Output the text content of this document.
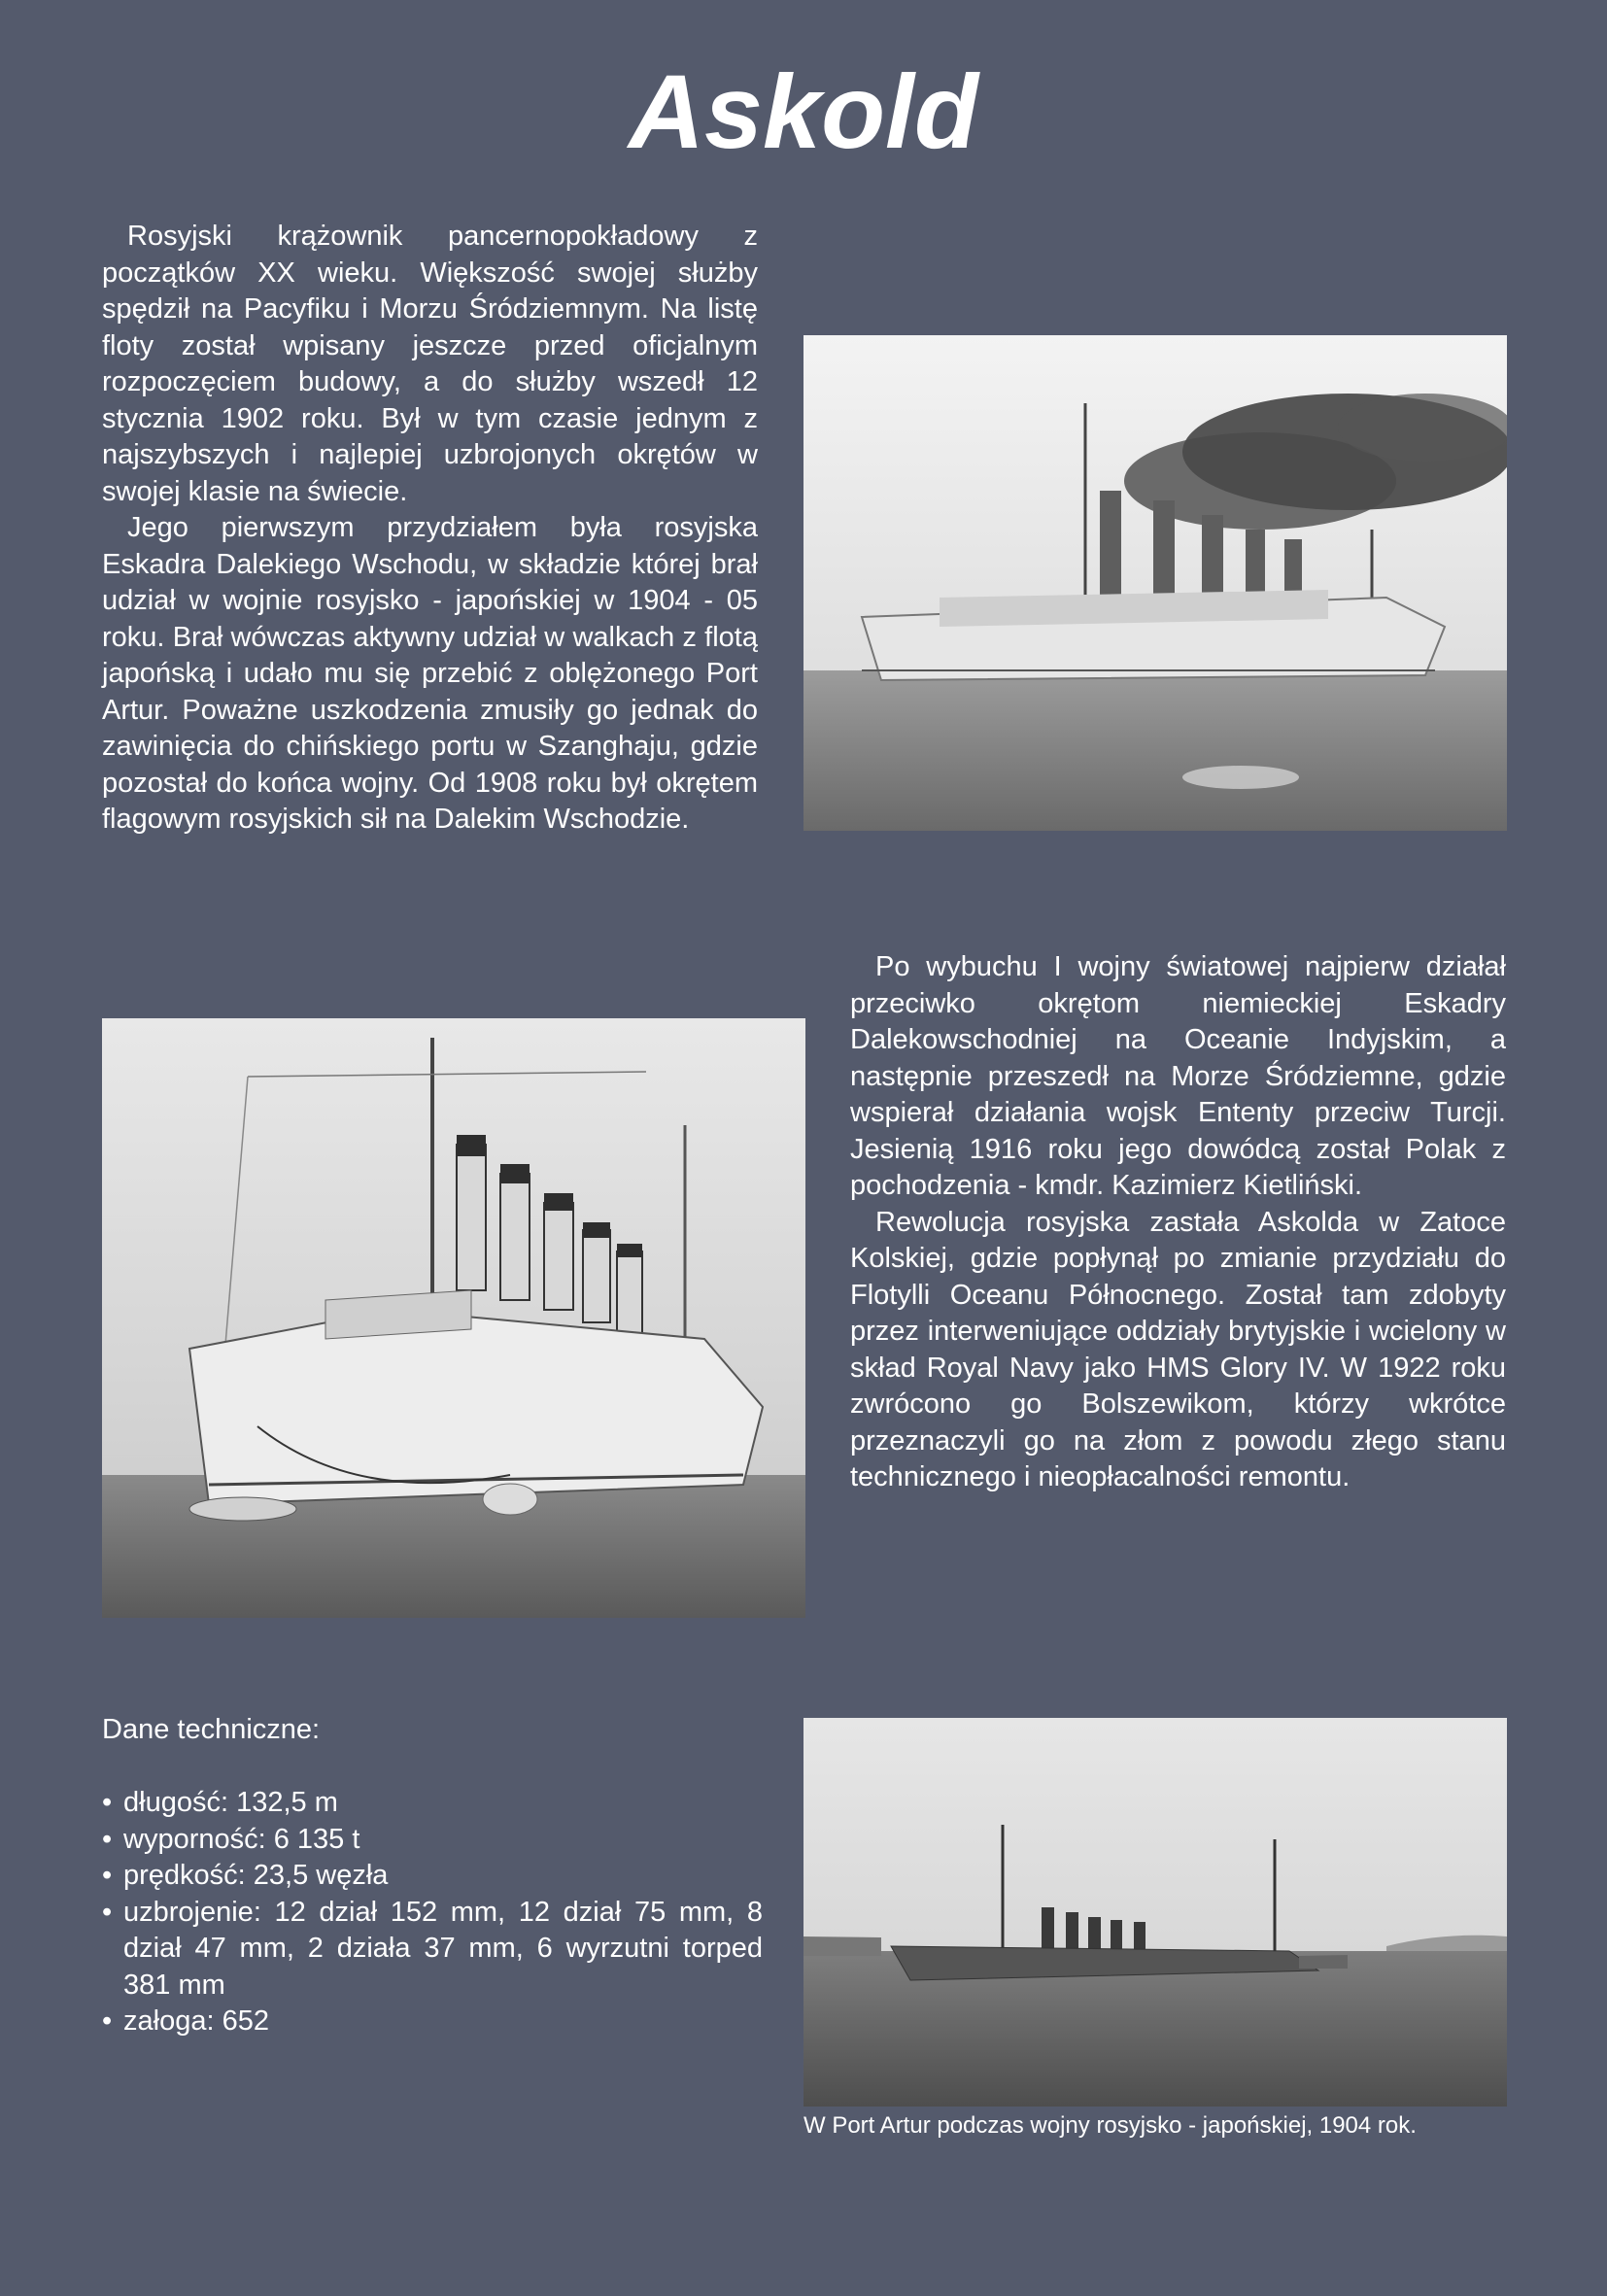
Askold

Rosyjski krążownik pancernopokładowy z początków XX wieku. Większość swojej służby spędził na Pacyfiku i Morzu Śródziemnym. Na listę floty został wpisany jeszcze przed oficjalnym rozpoczęciem budowy, a do służby wszedł 12 stycznia 1902 roku. Był w tym czasie jednym z najszybszych i najlepiej uzbrojonych okrętów w swojej klasie na świecie.

Jego pierwszym przydziałem była rosyjska Eskadra Dalekiego Wschodu, w składzie której brał udział w wojnie rosyjsko - japońskiej w 1904 - 05 roku. Brał wówczas aktywny udział w walkach z flotą japońską i udało mu się przebić z oblężonego Port Artur. Poważne uszkodzenia zmusiły go jednak do zawinięcia do chińskiego portu w Szanghaju, gdzie pozostał do końca wojny. Od 1908 roku był okrętem flagowym rosyjskich sił na Dalekim Wschodzie.

Po wybuchu I wojny światowej najpierw działał przeciwko okrętom niemieckiej Eskadry Dalekowschodniej na Oceanie Indyjskim, a następnie przeszedł na Morze Śródziemne, gdzie wspierał działania wojsk Ententy przeciw Turcji. Jesienią 1916 roku jego dowódcą został Polak z pochodzenia - kmdr. Kazimierz Kietliński.

Rewolucja rosyjska zastała Askolda w Zatoce Kolskiej, gdzie popłynął po zmianie przydziału do Flotylli Oceanu Północnego. Został tam zdobyty przez interweniujące oddziały brytyjskie i wcielony w skład Royal Navy jako HMS Glory IV. W 1922 roku zwrócono go Bolszewikom, którzy wkrótce przeznaczyli go na złom z powodu złego stanu technicznego i nieopłacalności remontu.

Dane techniczne:

• długość: 132,5 m
• wyporność: 6 135 t
• prędkość: 23,5 węzła
• uzbrojenie: 12 dział 152 mm, 12 dział 75 mm, 8 dział 47 mm, 2 działa 37 mm, 6 wyrzutni torped 381 mm
• załoga: 652
W Port Artur podczas wojny rosyjsko - japońskiej, 1904 rok.
